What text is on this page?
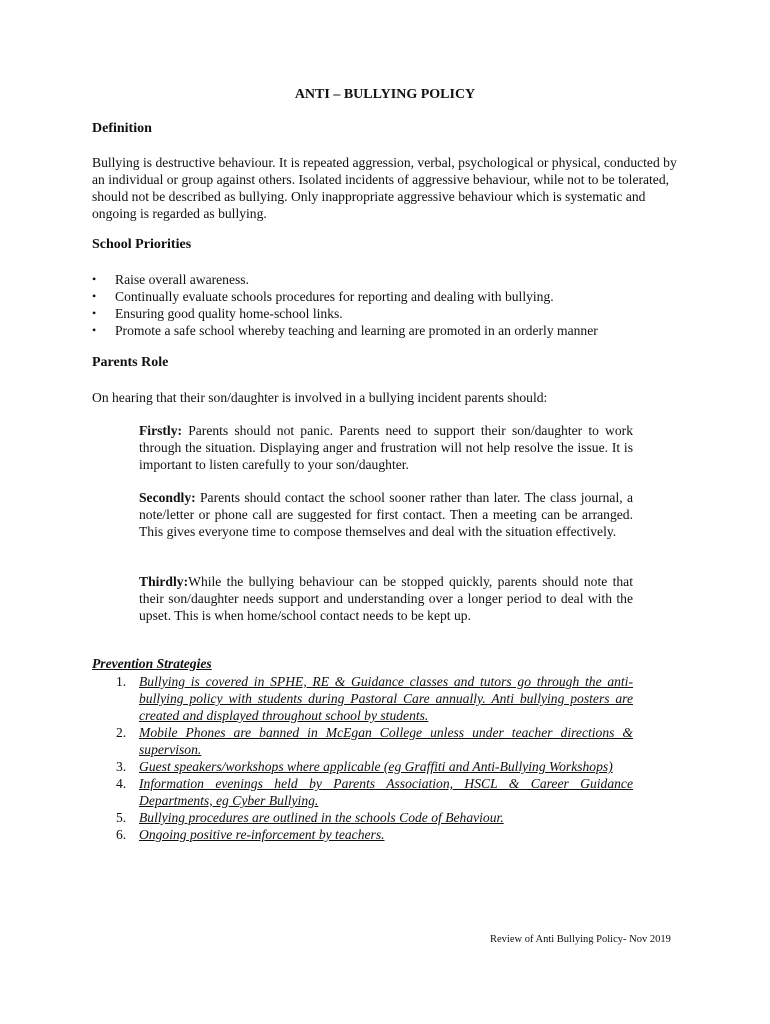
ANTI – BULLYING POLICY
Definition
Bullying is destructive behaviour. It is repeated aggression, verbal, psychological or physical, conducted by an individual or group against others. Isolated incidents of aggressive behaviour, while not to be tolerated, should not be described as bullying. Only inappropriate aggressive behaviour which is systematic and ongoing is regarded as bullying.
School Priorities
• Raise overall awareness.
• Continually evaluate schools procedures for reporting and dealing with bullying.
• Ensuring good quality home-school links.
• Promote a safe school whereby teaching and learning are promoted in an orderly manner
Parents Role
On hearing that their son/daughter is involved in a bullying incident parents should:
Firstly: Parents should not panic. Parents need to support their son/daughter to work through the situation. Displaying anger and frustration will not help resolve the issue. It is important to listen carefully to your son/daughter.
Secondly: Parents should contact the school sooner rather than later. The class journal, a note/letter or phone call are suggested for first contact. Then a meeting can be arranged. This gives everyone time to compose themselves and deal with the situation effectively.
Thirdly:While the bullying behaviour can be stopped quickly, parents should note that their son/daughter needs support and understanding over a longer period to deal with the upset. This is when home/school contact needs to be kept up.
Prevention Strategies
1. Bullying is covered in SPHE, RE & Guidance classes and tutors go through the anti-bullying policy with students during Pastoral Care annually. Anti bullying posters are created and displayed throughout school by students.
2. Mobile Phones are banned in McEgan College unless under teacher directions & supervison.
3. Guest speakers/workshops where applicable (eg Graffiti and Anti-Bullying Workshops)
4. Information evenings held by Parents Association, HSCL & Career Guidance Departments, eg Cyber Bullying.
5. Bullying procedures are outlined in the schools Code of Behaviour.
6. Ongoing positive re-inforcement by teachers.
Review of Anti Bullying Policy- Nov 2019
